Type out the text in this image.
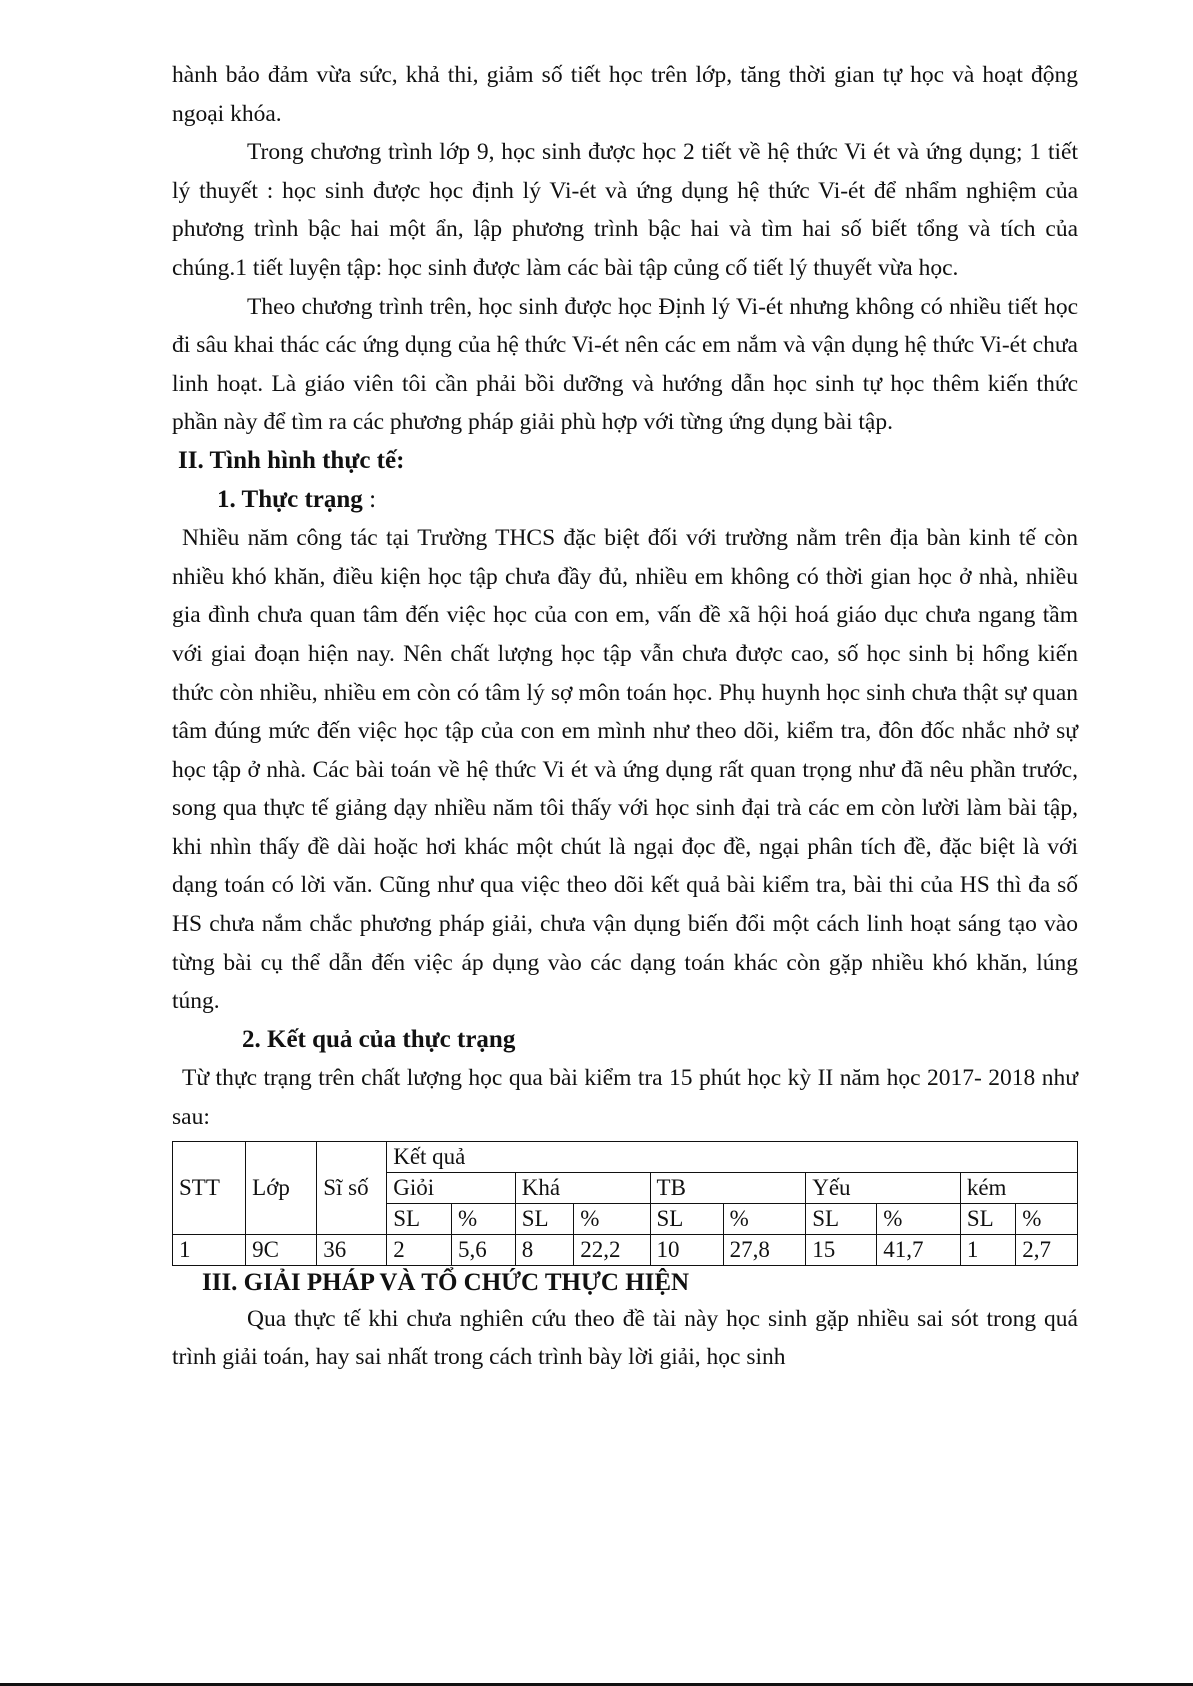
hành bảo đảm vừa sức, khả thi, giảm số tiết học trên lớp, tăng thời gian tự học và hoạt động ngoại khóa.

Trong chương trình lớp 9, học sinh được học 2 tiết về hệ thức Vi ét và ứng dụng; 1 tiết lý thuyết : học sinh được học định lý Vi-ét và ứng dụng hệ thức Vi-ét để nhẩm nghiệm của phương trình bậc hai một ẩn, lập phương trình bậc hai và tìm hai số biết tổng và tích của chúng.1 tiết luyện tập: học sinh được làm các bài tập củng cố tiết lý thuyết vừa học.

Theo chương trình trên, học sinh được học Định lý Vi-ét nhưng không có nhiều tiết học đi sâu khai thác các ứng dụng của hệ thức Vi-ét nên các em nắm và vận dụng hệ thức Vi-ét chưa linh hoạt. Là giáo viên tôi cần phải bồi dưỡng và hướng dẫn học sinh tự học thêm kiến thức phần này để tìm ra các phương pháp giải phù hợp với từng ứng dụng bài tập.

II. Tình hình thực tế:

1. Thực trạng :

Nhiều năm công tác tại Trường THCS đặc biệt đối với trường nằm trên địa bàn kinh tế còn nhiều khó khăn, điều kiện học tập chưa đầy đủ, nhiều em không có thời gian học ở nhà, nhiều gia đình chưa quan tâm đến việc học của con em, vấn đề xã hội hoá giáo dục chưa ngang tầm với giai đoạn hiện nay. Nên chất lượng học tập vẫn chưa được cao, số học sinh bị hổng kiến thức còn nhiều, nhiều em còn có tâm lý sợ môn toán học. Phụ huynh học sinh chưa thật sự quan tâm đúng mức đến việc học tập của con em mình như theo dõi, kiểm tra, đôn đốc nhắc nhở sự học tập ở nhà. Các bài toán về hệ thức Vi ét và ứng dụng rất quan trọng như đã nêu phần trước, song qua thực tế giảng dạy nhiều năm tôi thấy với học sinh đại trà các em còn lười làm bài tập, khi nhìn thấy đề dài hoặc hơi khác một chút là ngại đọc đề, ngại phân tích đề, đặc biệt là với dạng toán có lời văn. Cũng như qua việc theo dõi kết quả bài kiểm tra, bài thi của HS thì đa số HS chưa nắm chắc phương pháp giải, chưa vận dụng biến đổi một cách linh hoạt sáng tạo vào từng bài cụ thể dẫn đến việc áp dụng vào các dạng toán khác còn gặp nhiều khó khăn, lúng túng.

2. Kết quả của thực trạng

Từ thực trạng trên chất lượng học qua bài kiểm tra 15 phút học kỳ II năm học 2017- 2018 như sau:

STT	Lớp	Sĩ số	Kết quả									
			Giỏi		Khá		TB		Yếu		kém	
			SL	%	SL	%	SL	%	SL	%	SL	%
1	9C	36	2	5,6	8	22,2	10	27,8	15	41,7	1	2,7

III. GIẢI PHÁP VÀ TỔ CHỨC THỰC HIỆN

Qua thực tế khi chưa nghiên cứu theo đề tài này học sinh gặp nhiều sai sót trong quá trình giải toán, hay sai nhất trong cách trình bày lời giải, học sinh
